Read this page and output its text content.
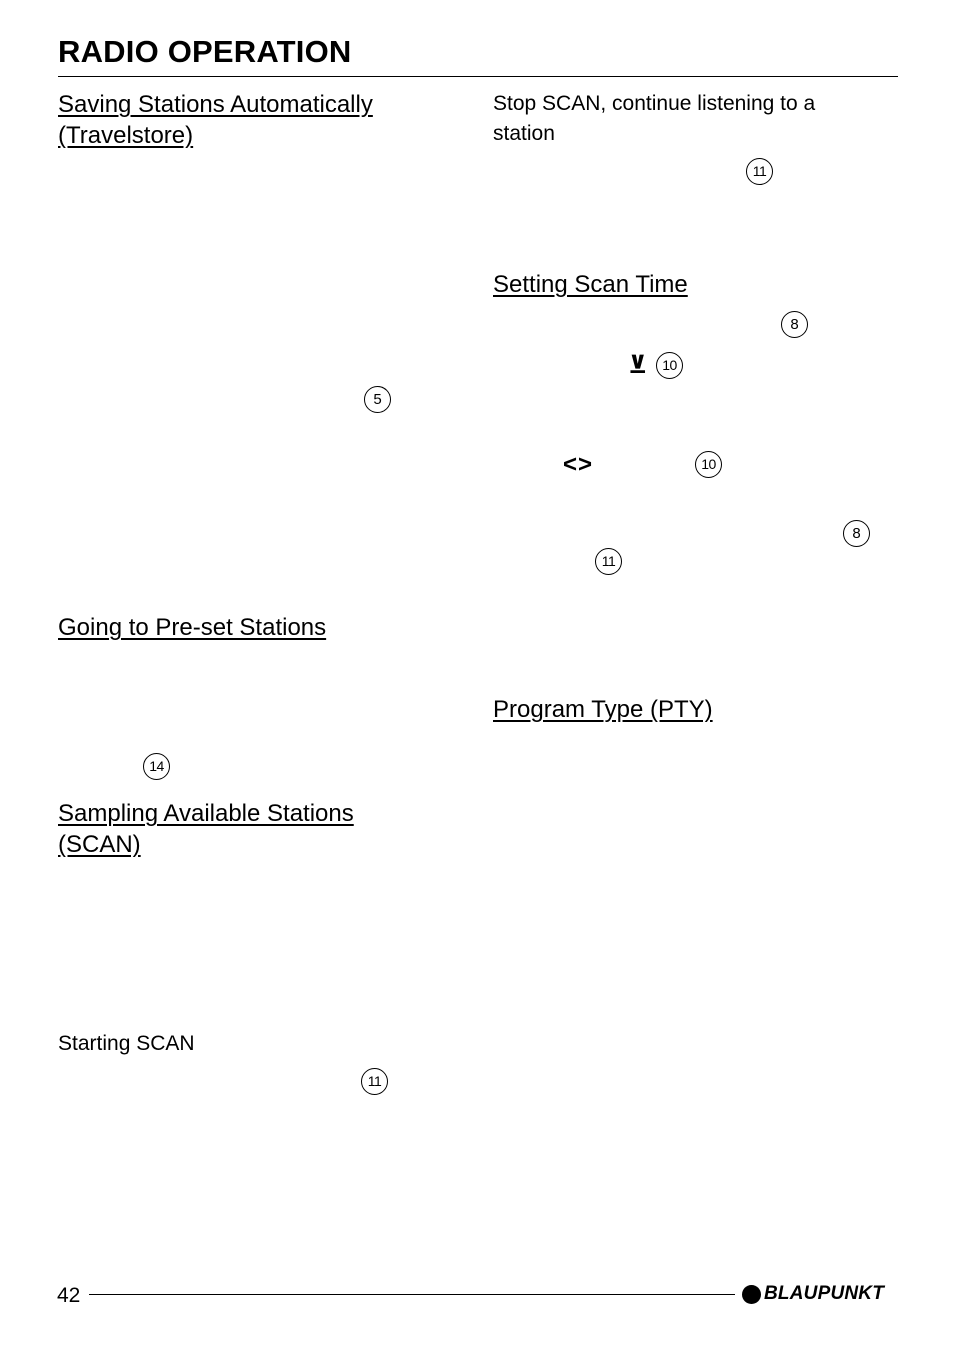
RADIO OPERATION
Saving Stations Automatically
(Travelstore)
5
Going to Pre-set Stations
14
Sampling Available Stations
(SCAN)
Starting SCAN
11
Stop SCAN, continue listening to a
station
11
Setting Scan Time
8
⊻	10
<>	10
8
11
Program Type (PTY)
42	BLAUPUNKT
